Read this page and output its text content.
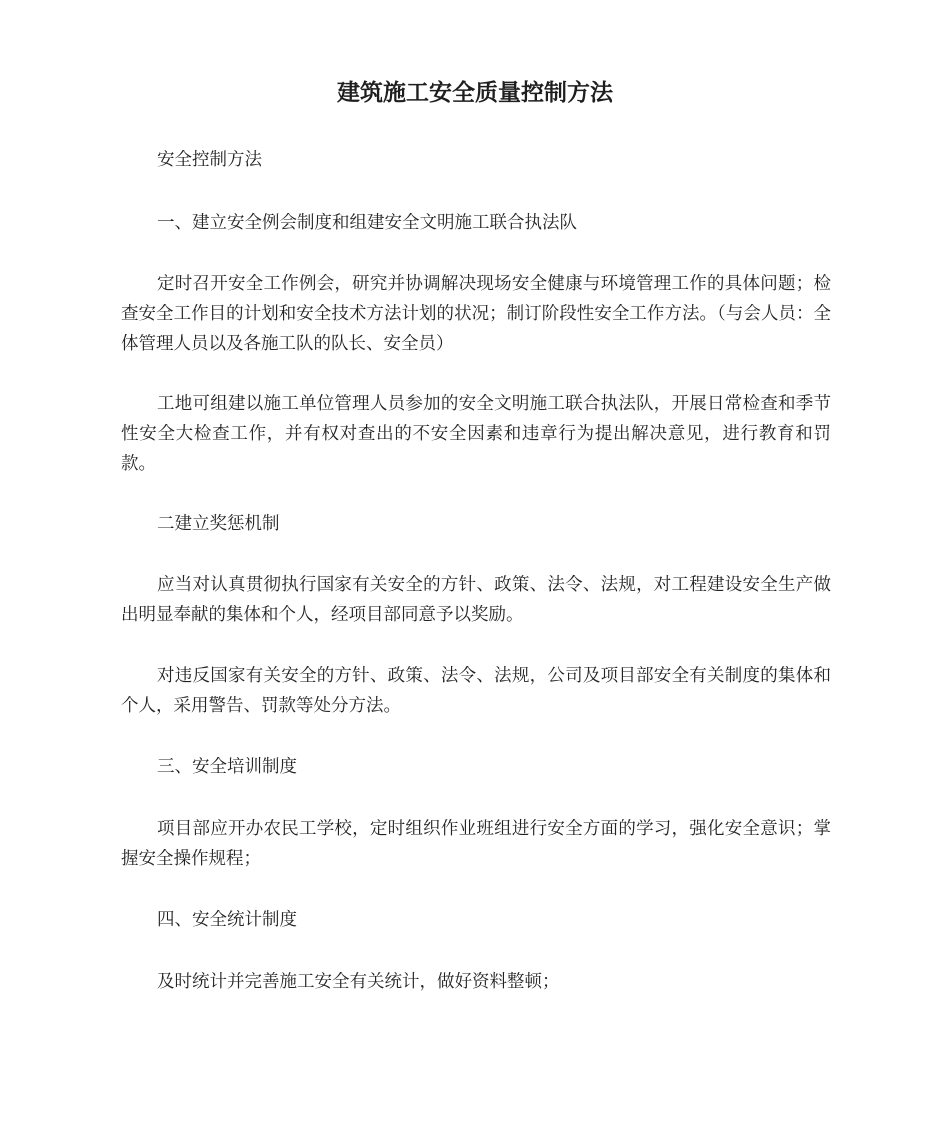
建筑施工安全质量控制方法

安全控制方法

一、建立安全例会制度和组建安全文明施工联合执法队

定时召开安全工作例会，研究并协调解决现场安全健康与环境管理工作的具体问题；检查安全工作目的计划和安全技术方法计划的状况；制订阶段性安全工作方法。（与会人员：全体管理人员以及各施工队的队长、安全员）

工地可组建以施工单位管理人员参加的安全文明施工联合执法队，开展日常检查和季节性安全大检查工作，并有权对查出的不安全因素和违章行为提出解决意见，进行教育和罚款。

二建立奖惩机制

应当对认真贯彻执行国家有关安全的方针、政策、法令、法规，对工程建设安全生产做出明显奉献的集体和个人，经项目部同意予以奖励。

对违反国家有关安全的方针、政策、法令、法规，公司及项目部安全有关制度的集体和个人，采用警告、罚款等处分方法。

三、安全培训制度

项目部应开办农民工学校，定时组织作业班组进行安全方面的学习，强化安全意识；掌握安全操作规程；

四、安全统计制度

及时统计并完善施工安全有关统计，做好资料整顿；
